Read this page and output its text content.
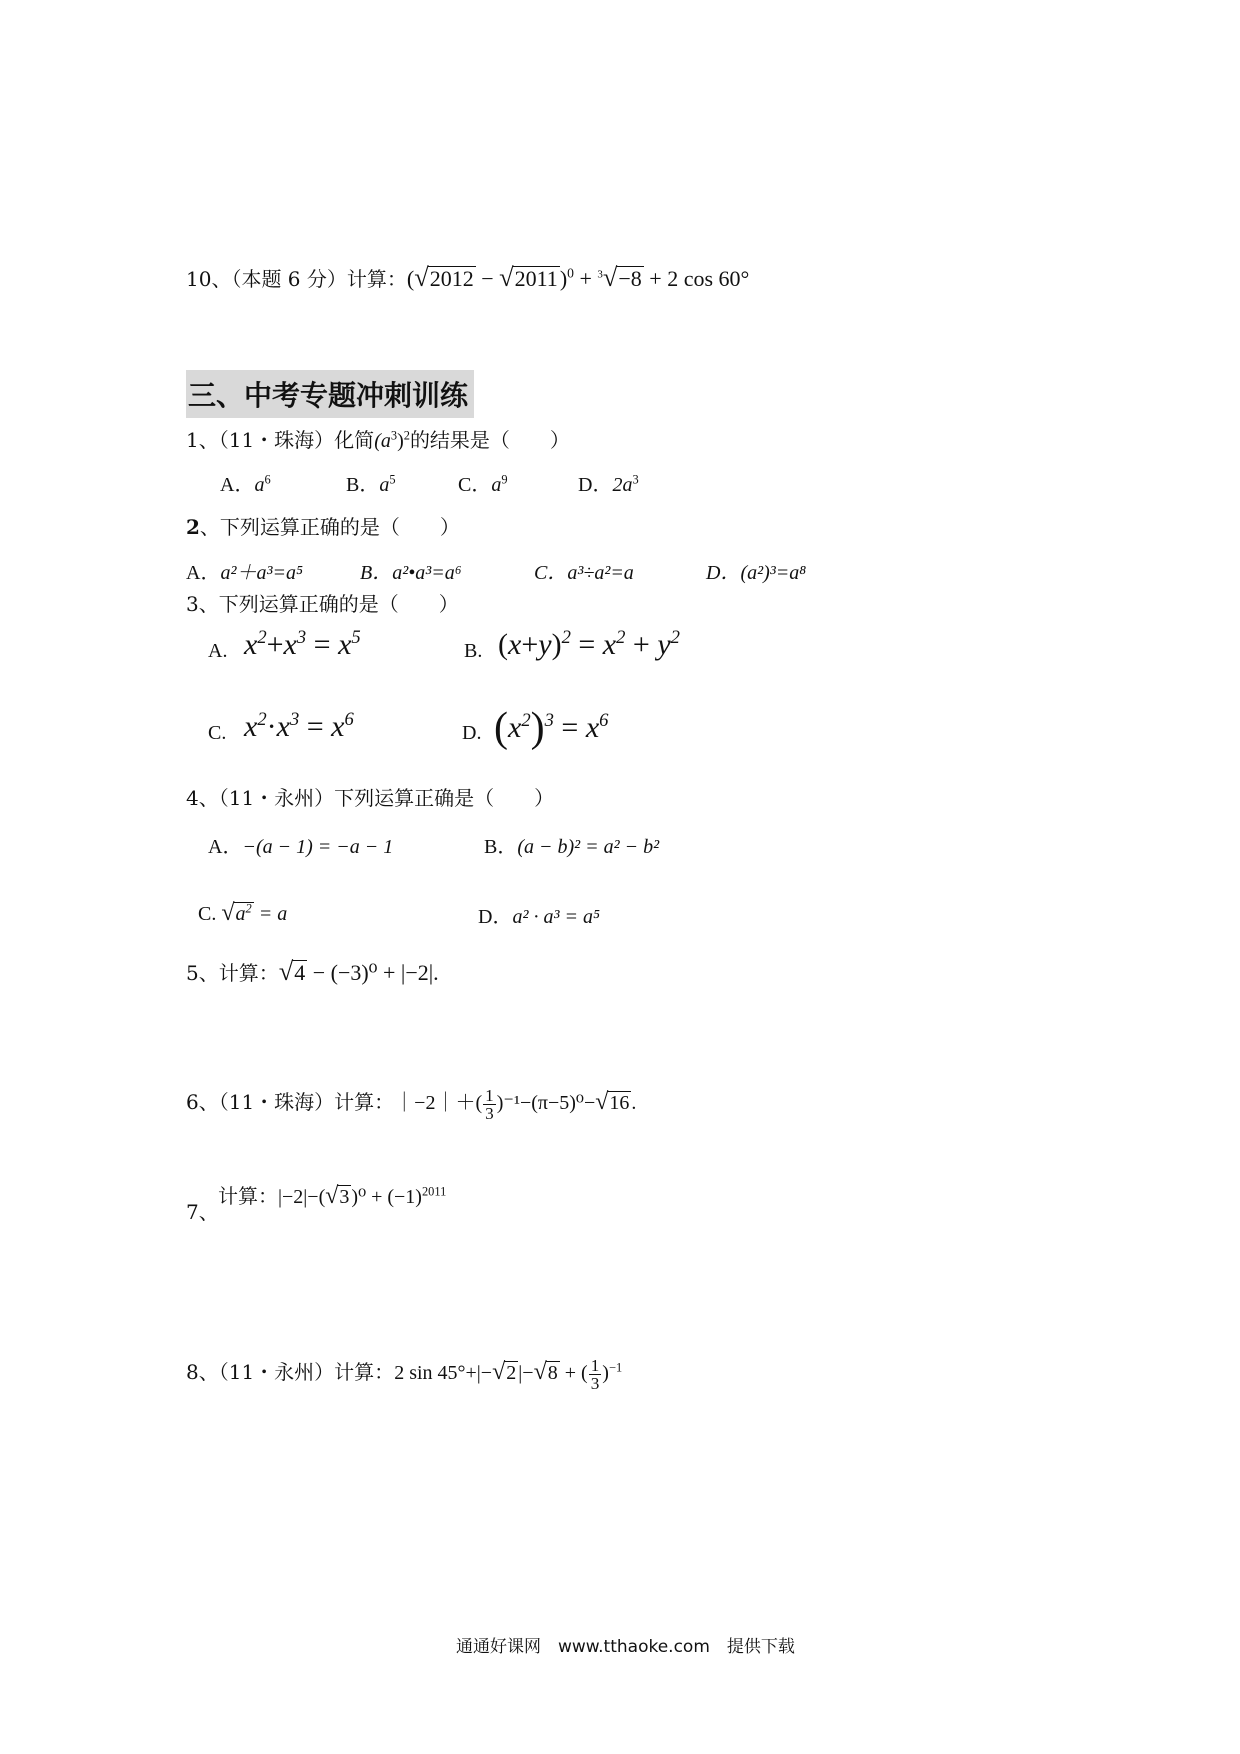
10、（本题 6 分）计算：$(√2012 - √2011)^0 + ^3√-8 + 2$ cos 60°
三、中考专题冲刺训练
1、（11・珠海）化简$(a^3)^2$的结果是（　　）
A．$a^6$	B．$a^5$	C．$a^9$	D．$2a^3$
2、下列运算正确的是（　　）
A．a²＋a³=a⁵	B．a²•a³=a⁶	C．a³÷a²=a	D．(a²)³=a⁸
3、下列运算正确的是（　　）
A. $x^2+x^3 = x^5$
B. $(x+y)^2 = x^2 + y^2$
C. $x^2\cdot x^3 = x^6$
D. $(x^2)^3 = x^6$
4、（11・永州）下列运算正确是（　　）
A．−(a − 1) = −a − 1	B．(a − b)² = a² − b²
C. $√a^2 = a$	D．a² · a³ = a⁵
5、计算：√4 − (−3)⁰ + |−2|.
6、（11・珠海）计算：｜−2｜＋( $\frac{1}{3} )^{-1}-(\pi-5)^0-√16$ .
7、
计算：|−2|−(√3 )$^0 + (-1)^{2011}$
8、（11・永州）计算：2 sin 45°+|−√2 |−√8 + ( $\frac{1}{3} )^{-1}$
通通好课网　www.tthaoke.com　提供下载
